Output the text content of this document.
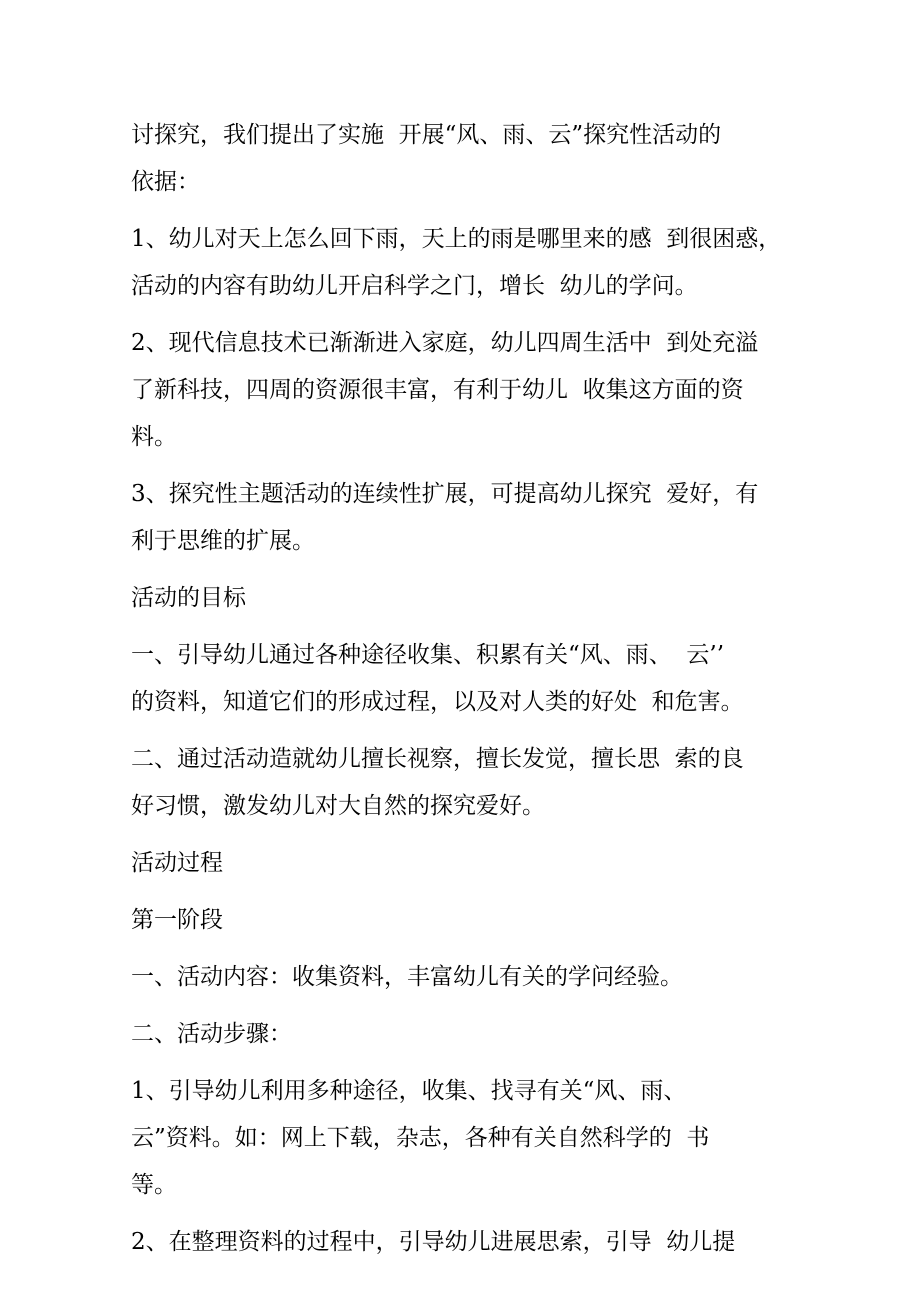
讨探究，我们提出了实施  开展“风、雨、云”探究性活动的
依据：
1、幼儿对天上怎么回下雨，天上的雨是哪里来的感  到很困惑，
活动的内容有助幼儿开启科学之门，增长  幼儿的学问。
2、现代信息技术已渐渐进入家庭，幼儿四周生活中  到处充溢
了新科技，四周的资源很丰富，有利于幼儿  收集这方面的资
料。
3、探究性主题活动的连续性扩展，可提高幼儿探究  爱好，有
利于思维的扩展。
活动的目标
一、引导幼儿通过各种途径收集、积累有关“风、雨、  云’’
的资料，知道它们的形成过程，以及对人类的好处  和危害。
二、通过活动造就幼儿擅长视察，擅长发觉，擅长思  索的良
好习惯，激发幼儿对大自然的探究爱好。
活动过程
第一阶段
一、活动内容：收集资料，丰富幼儿有关的学问经验。
二、活动步骤：
1、引导幼儿利用多种途径，收集、找寻有关“风、雨、
云”资料。如：网上下载，杂志，各种有关自然科学的  书
等。
2、在整理资料的过程中，引导幼儿进展思索，引导  幼儿提
